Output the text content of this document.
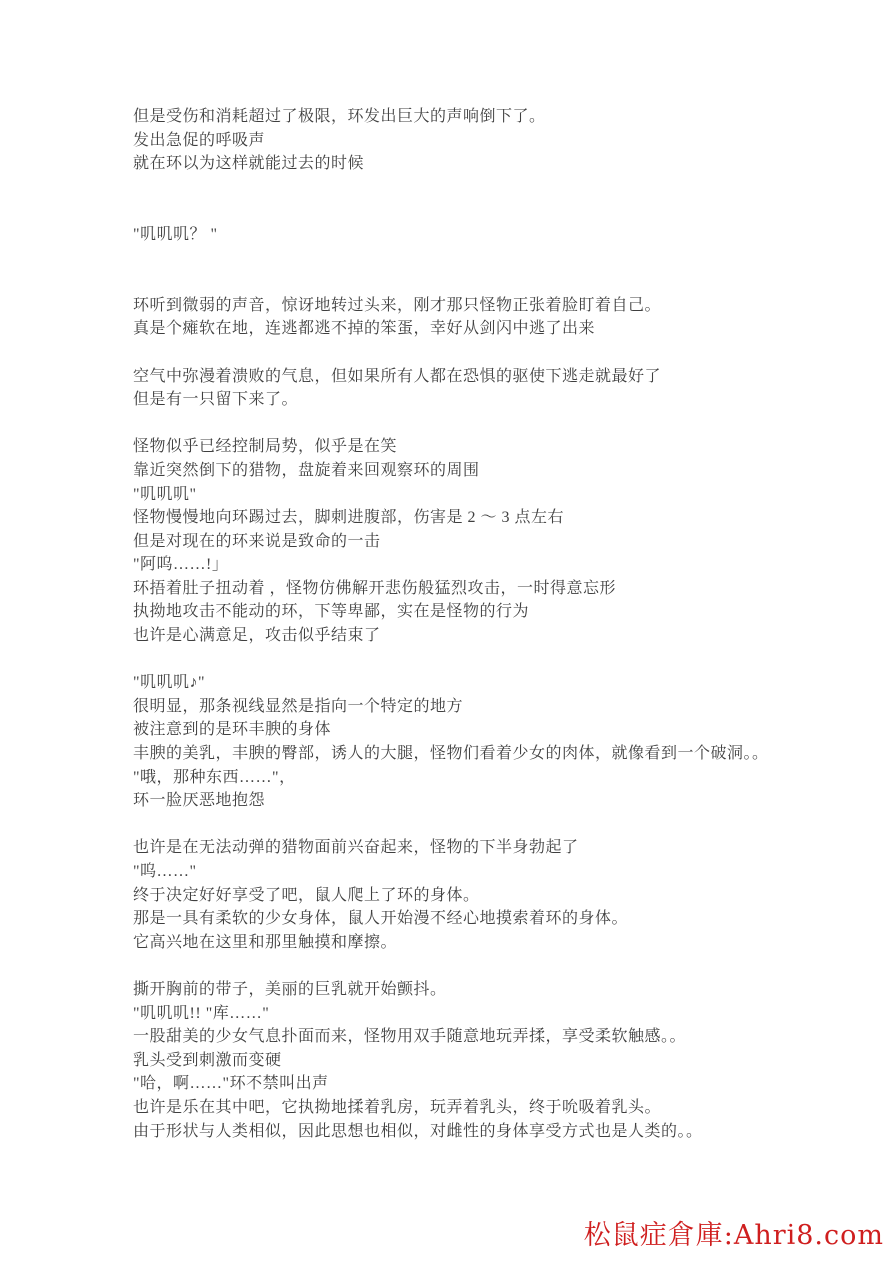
但是受伤和消耗超过了极限，环发出巨大的声响倒下了。
发出急促的呼吸声
就在环以为这样就能过去的时候
"叽叽叽？ "
环听到微弱的声音，惊讶地转过头来，刚才那只怪物正张着脸盯着自己。
真是个瘫软在地，连逃都逃不掉的笨蛋，幸好从剑闪中逃了出来
空气中弥漫着溃败的气息，但如果所有人都在恐惧的驱使下逃走就最好了
但是有一只留下来了。
怪物似乎已经控制局势，似乎是在笑
靠近突然倒下的猎物，盘旋着来回观察环的周围
"叽叽叽"
怪物慢慢地向环踢过去，脚刺进腹部，伤害是 2 ～ 3 点左右
但是对现在的环来说是致命的一击
"阿呜……!」
环捂着肚子扭动着 ，怪物仿佛解开悲伤般猛烈攻击，一时得意忘形
执拗地攻击不能动的环，下等卑鄙，实在是怪物的行为
也许是心满意足，攻击似乎结束了
"叽叽叽♪"
很明显，那条视线显然是指向一个特定的地方
被注意到的是环丰腴的身体
丰腴的美乳，丰腴的臀部，诱人的大腿，怪物们看着少女的肉体，就像看到一个破洞。。
"哦，那种东西……"，
环一脸厌恶地抱怨
也许是在无法动弹的猎物面前兴奋起来，怪物的下半身勃起了
"呜……"
终于决定好好享受了吧，鼠人爬上了环的身体。
那是一具有柔软的少女身体，鼠人开始漫不经心地摸索着环的身体。
它高兴地在这里和那里触摸和摩擦。
撕开胸前的带子，美丽的巨乳就开始颤抖。
"叽叽叽!! "库……"
一股甜美的少女气息扑面而来，怪物用双手随意地玩弄揉，享受柔软触感。。
乳头受到刺激而变硬
"哈，啊……"环不禁叫出声
也许是乐在其中吧，它执拗地揉着乳房，玩弄着乳头，终于吮吸着乳头。
由于形状与人类相似，因此思想也相似，对雌性的身体享受方式也是人类的。。
松鼠症倉庫:Ahri8.com
